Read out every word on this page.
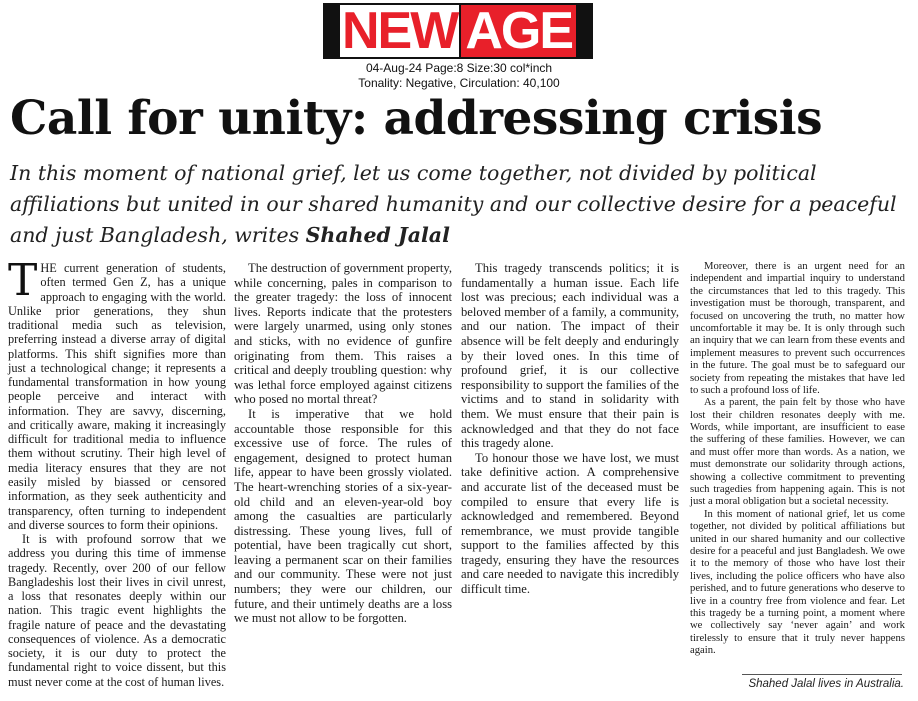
NEW AGE
04-Aug-24 Page:8 Size:30 col*inch
Tonality: Negative, Circulation: 40,100
Call for unity: addressing crisis
In this moment of national grief, let us come together, not divided by political affiliations but united in our shared humanity and our collective desire for a peaceful and just Bangladesh, writes Shahed Jalal

THE current generation of students, often termed Gen Z, has a unique approach to engaging with the world. Unlike prior generations, they shun traditional media such as television, preferring instead a diverse array of digital platforms. This shift signifies more than just a technological change; it represents a fundamental transformation in how young people perceive and interact with information. They are savvy, discerning, and critically aware, making it increasingly difficult for traditional media to influence them without scrutiny. Their high level of media literacy ensures that they are not easily misled by biassed or censored information, as they seek authenticity and transparency, often turning to independent and diverse sources to form their opinions.

It is with profound sorrow that we address you during this time of immense tragedy. Recently, over 200 of our fellow Bangladeshis lost their lives in civil unrest, a loss that resonates deeply within our nation. This tragic event highlights the fragile nature of peace and the devastating consequences of violence. As a democratic society, it is our duty to protect the fundamental right to voice dissent, but this must never come at the cost of human lives.

The destruction of government property, while concerning, pales in comparison to the greater tragedy: the loss of innocent lives. Reports indicate that the protesters were largely unarmed, using only stones and sticks, with no evidence of gunfire originating from them. This raises a critical and deeply troubling question: why was lethal force employed against citizens who posed no mortal threat?

It is imperative that we hold accountable those responsible for this excessive use of force. The rules of engagement, designed to protect human life, appear to have been grossly violated. The heart-wrenching stories of a six-year-old child and an eleven-year-old boy among the casualties are particularly distressing. These young lives, full of potential, have been tragically cut short, leaving a permanent scar on their families and our community. These were not just numbers; they were our children, our future, and their untimely deaths are a loss we must not allow to be forgotten.

This tragedy transcends politics; it is fundamentally a human issue. Each life lost was precious; each individual was a beloved member of a family, a community, and our nation. The impact of their absence will be felt deeply and enduringly by their loved ones. In this time of profound grief, it is our collective responsibility to support the families of the victims and to stand in solidarity with them. We must ensure that their pain is acknowledged and that they do not face this tragedy alone.

To honour those we have lost, we must take definitive action. A comprehensive and accurate list of the deceased must be compiled to ensure that every life is acknowledged and remembered. Beyond remembrance, we must provide tangible support to the families affected by this tragedy, ensuring they have the resources and care needed to navigate this incredibly difficult time.

Moreover, there is an urgent need for an independent and impartial inquiry to understand the circumstances that led to this tragedy. This investigation must be thorough, transparent, and focused on uncovering the truth, no matter how uncomfortable it may be. It is only through such an inquiry that we can learn from these events and implement measures to prevent such occurrences in the future. The goal must be to safeguard our society from repeating the mistakes that have led to such a profound loss of life.

As a parent, the pain felt by those who have lost their children resonates deeply with me. Words, while important, are insufficient to ease the suffering of these families. However, we can and must offer more than words. As a nation, we must demonstrate our solidarity through actions, showing a collective commitment to preventing such tragedies from happening again. This is not just a moral obligation but a societal necessity.

In this moment of national grief, let us come together, not divided by political affiliations but united in our shared humanity and our collective desire for a peaceful and just Bangladesh. We owe it to the memory of those who have lost their lives, including the police officers who have also perished, and to future generations who deserve to live in a country free from violence and fear. Let this tragedy be a turning point, a moment where we collectively say ‘never again’ and work tirelessly to ensure that it truly never happens again.

Shahed Jalal lives in Australia.
